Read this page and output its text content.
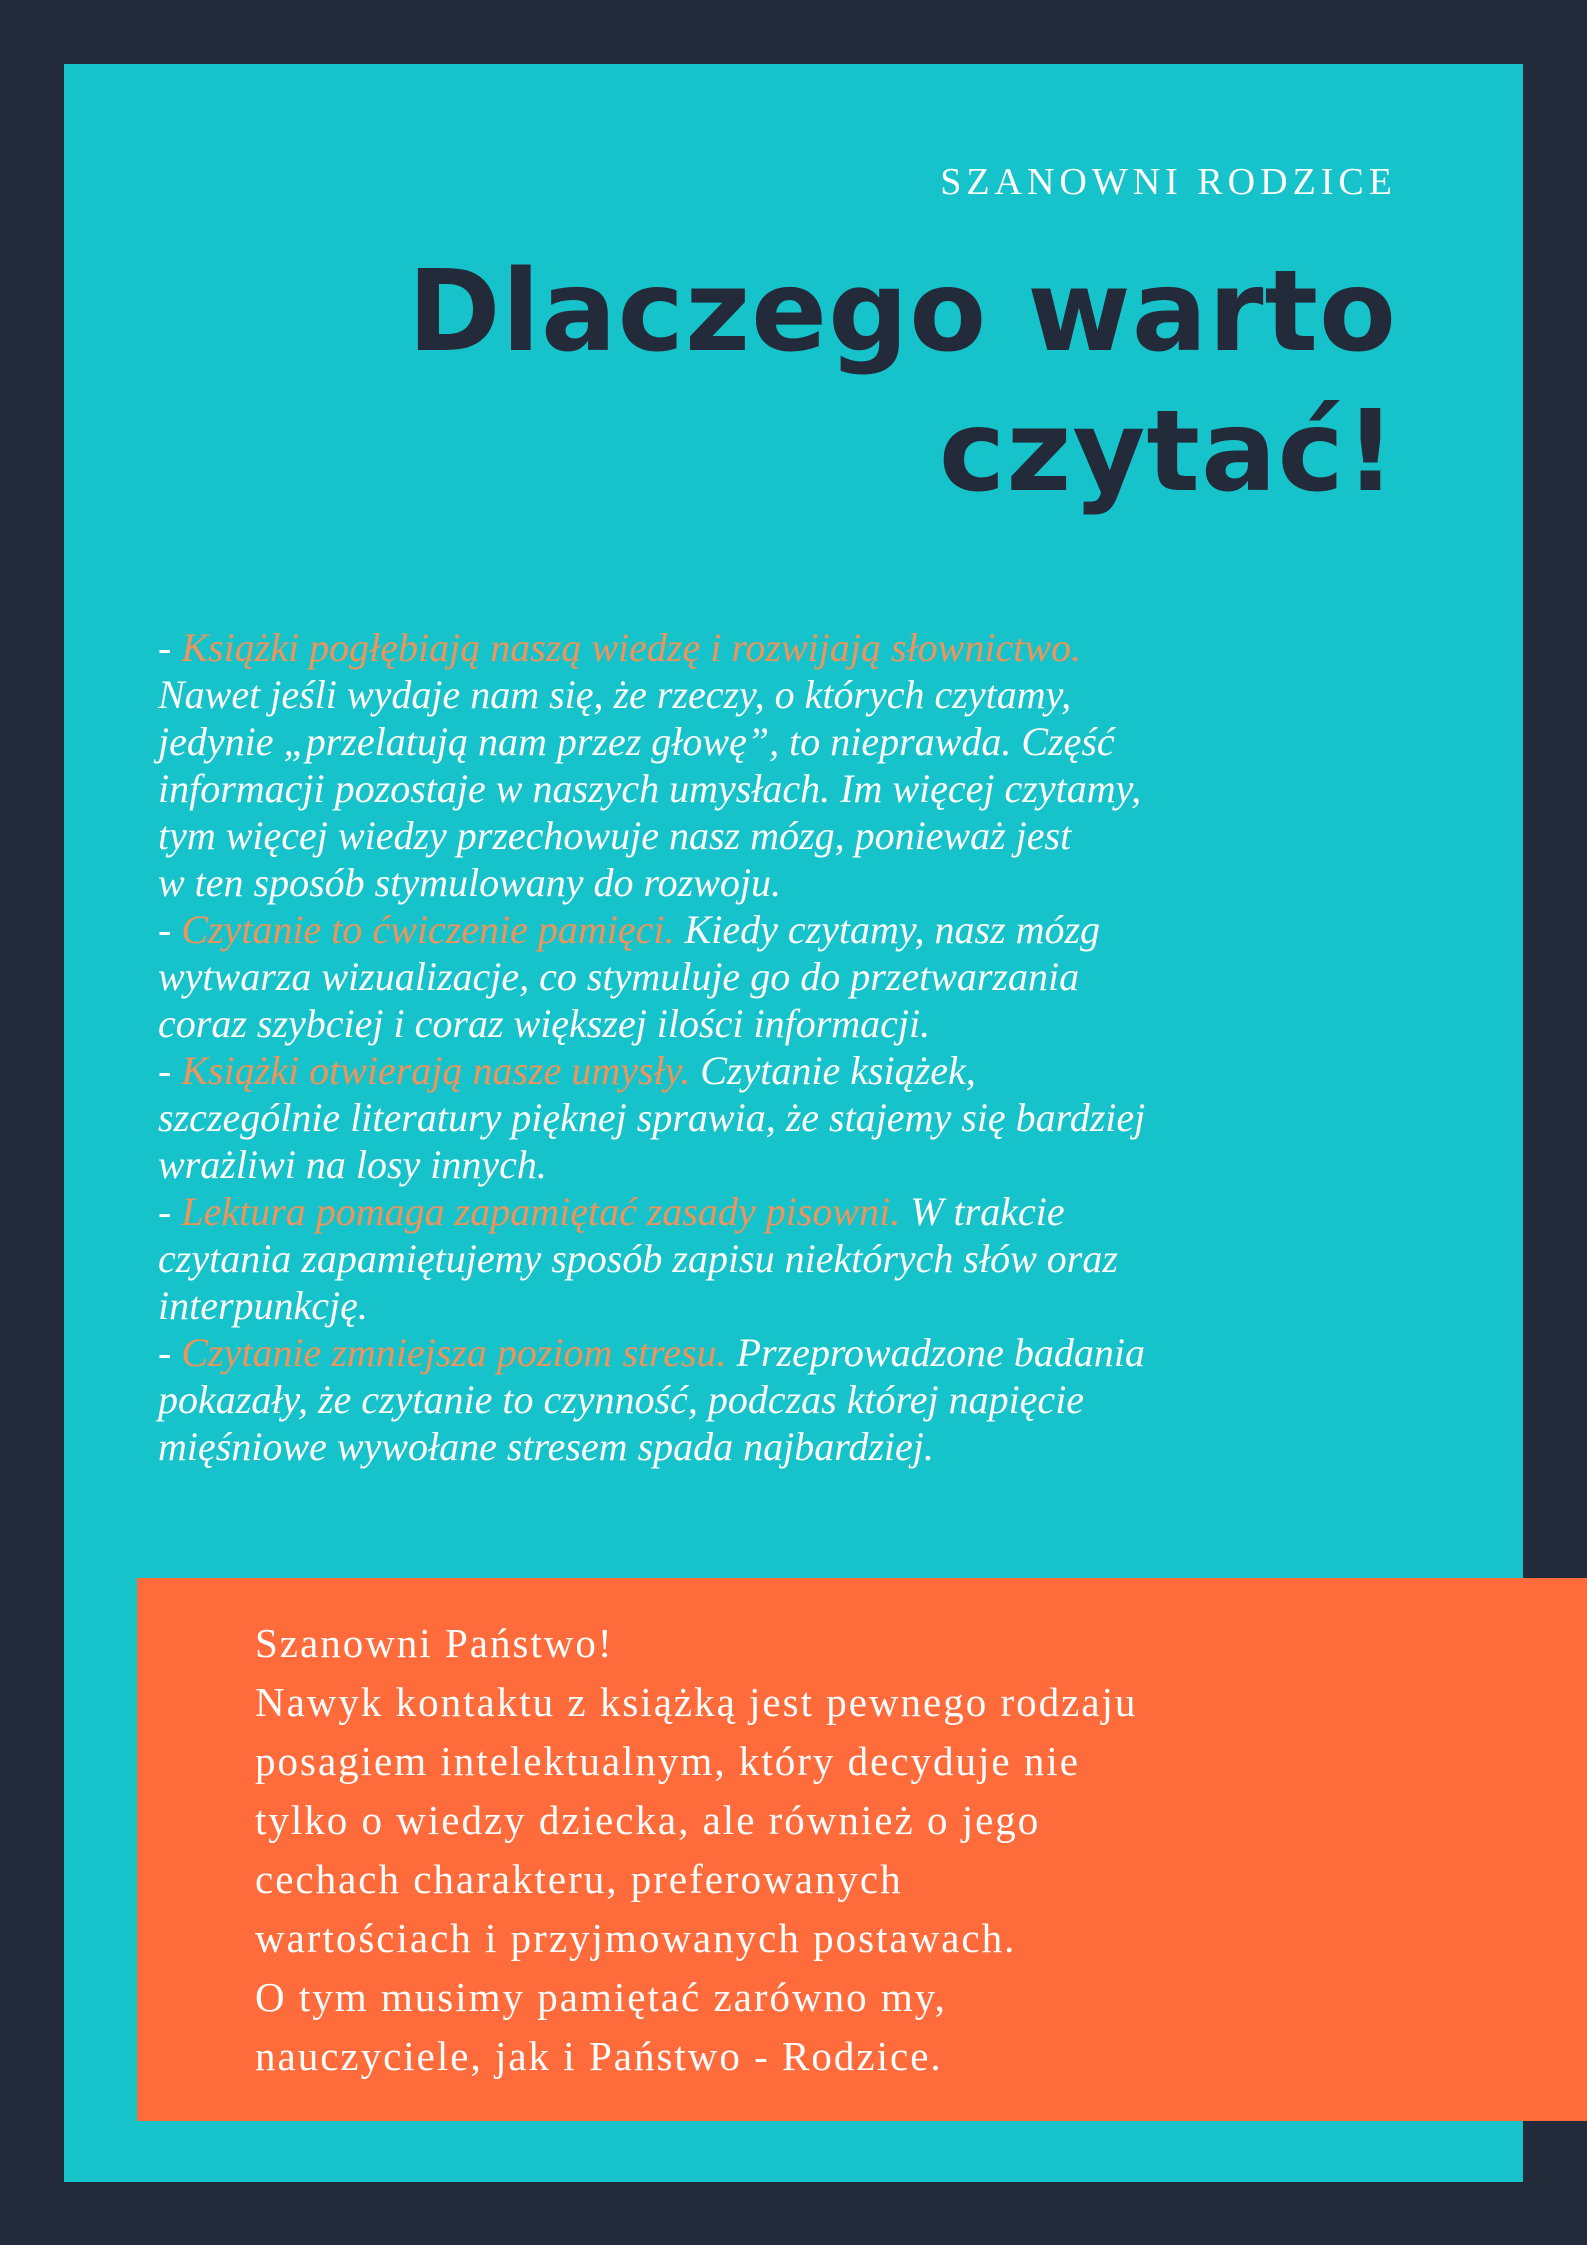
SZANOWNI RODZICE
Dlaczego warto
czytać!

- Książki pogłębiają naszą wiedzę i rozwijają słownictwo.
Nawet jeśli wydaje nam się, że rzeczy, o których czytamy,
jedynie „przelatują nam przez głowę”, to nieprawda. Część
informacji pozostaje w naszych umysłach. Im więcej czytamy,
tym więcej wiedzy przechowuje nasz mózg, ponieważ jest
w ten sposób stymulowany do rozwoju.

- Czytanie to ćwiczenie pamięci. Kiedy czytamy, nasz mózg
wytwarza wizualizacje, co stymuluje go do przetwarzania
coraz szybciej i coraz większej ilości informacji.

- Książki otwierają nasze umysły. Czytanie książek,
szczególnie literatury pięknej sprawia, że stajemy się bardziej
wrażliwi na losy innych.

- Lektura pomaga zapamiętać zasady pisowni. W trakcie
czytania zapamiętujemy sposób zapisu niektórych słów oraz
interpunkcję.

- Czytanie zmniejsza poziom stresu. Przeprowadzone badania
pokazały, że czytanie to czynność, podczas której napięcie
mięśniowe wywołane stresem spada najbardziej.

Szanowni Państwo!
Nawyk kontaktu z książką jest pewnego rodzaju
posagiem intelektualnym, który decyduje nie
tylko o wiedzy dziecka, ale również o jego
cechach charakteru, preferowanych
wartościach i przyjmowanych postawach.
O tym musimy pamiętać zarówno my,
nauczyciele, jak i Państwo - Rodzice.
